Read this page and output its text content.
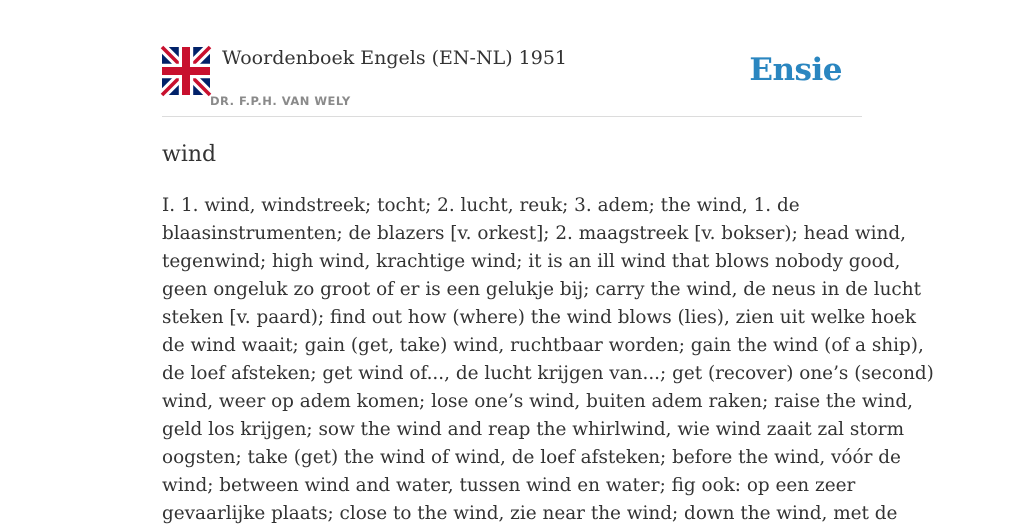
Woordenboek Engels (EN-NL) 1951
DR. F.P.H. VAN WELY
Ensie
wind

I. 1. wind, windstreek; tocht; 2. lucht, reuk; 3. adem; the wind, 1. de
blaasinstrumenten; de blazers [v. orkest]; 2. maagstreek [v. bokser); head wind,
tegenwind; high wind, krachtige wind; it is an ill wind that blows nobody good,
geen ongeluk zo groot of er is een gelukje bij; carry the wind, de neus in de lucht
steken [v. paard); find out how (where) the wind blows (lies), zien uit welke hoek
de wind waait; gain (get, take) wind, ruchtbaar worden; gain the wind (of a ship),
de loef afsteken; get wind of..., de lucht krijgen van...; get (recover) one’s (second)
wind, weer op adem komen; lose one’s wind, buiten adem raken; raise the wind,
geld los krijgen; sow the wind and reap the whirlwind, wie wind zaait zal storm
oogsten; take (get) the wind of wind, de loef afsteken; before the wind, vóór de
wind; between wind and water, tussen wind en water; fig ook: op een zeer
gevaarlijke plaats; close to the wind, zie near the wind; down the wind, met de
